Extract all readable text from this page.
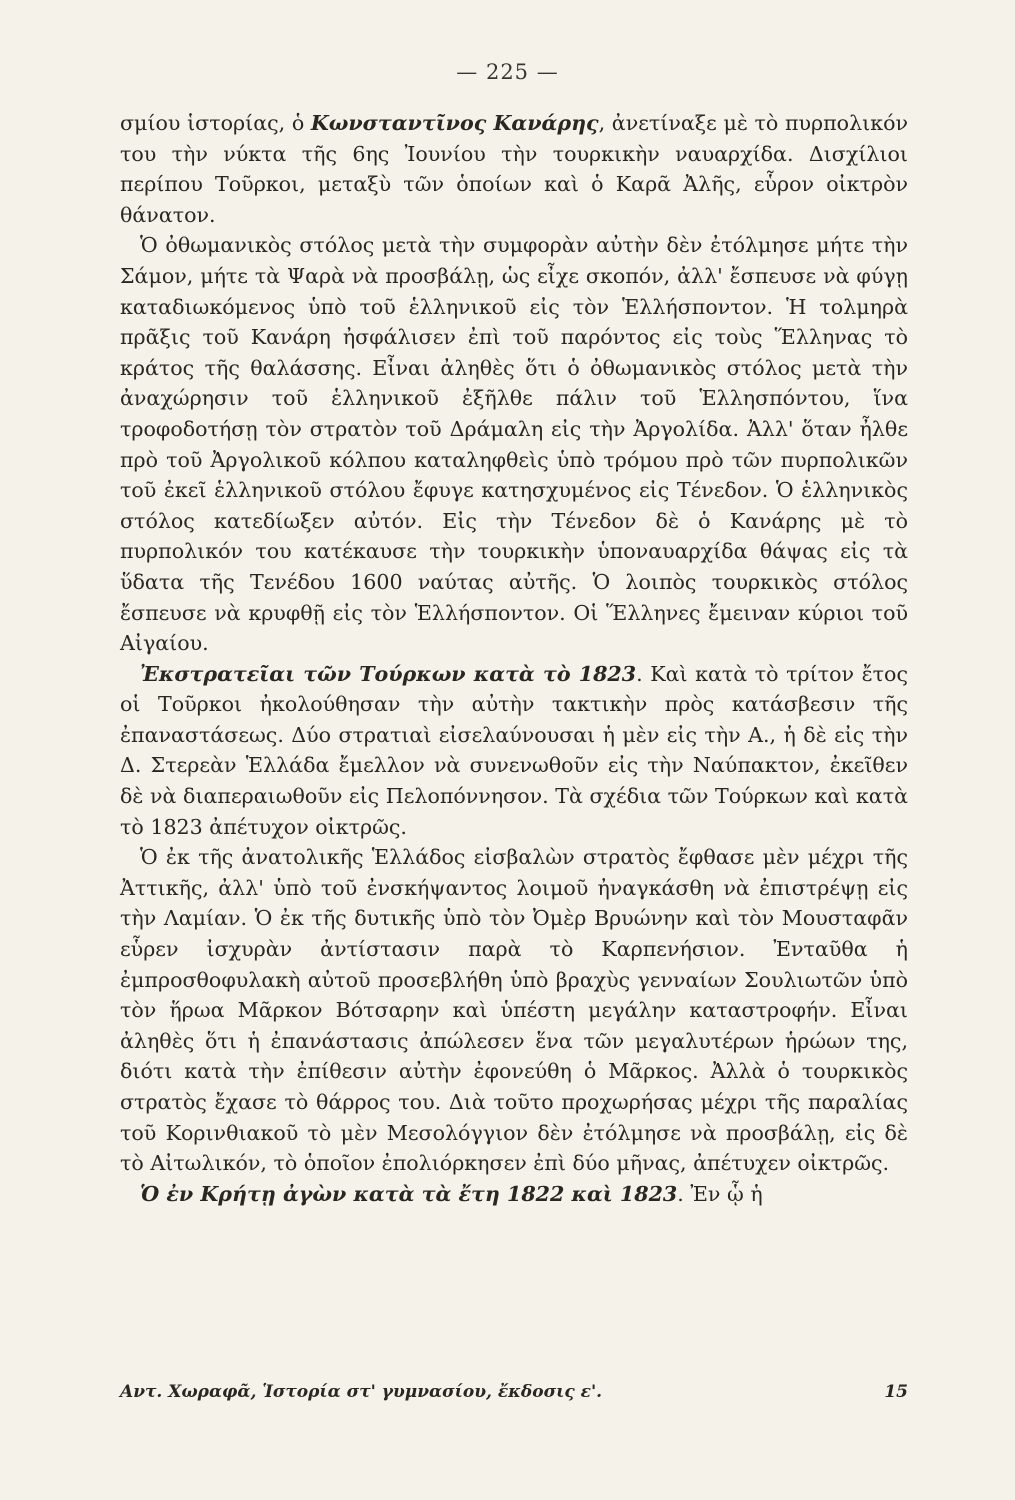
— 225 —

σμίου ἱστορίας, ὁ Κωνσταντῖνος Κανάρης, ἀνετίναξε μὲ τὸ πυρπολικόν του τὴν νύκτα τῆς 6ης Ἰουνίου τὴν τουρκικὴν ναυαρχίδα. Δισχίλιοι περίπου Τοῦρκοι, μεταξὺ τῶν ὁποίων καὶ ὁ Καρᾶ Ἀλῆς, εὗρον οἰκτρὸν θάνατον.

Ὁ ὀθωμανικὸς στόλος μετὰ τὴν συμφορὰν αὐτὴν δὲν ἐτόλμησε μήτε τὴν Σάμον, μήτε τὰ Ψαρὰ νὰ προσβάλῃ, ὡς εἶχε σκοπόν, ἀλλ' ἔσπευσε νὰ φύγῃ καταδιωκόμενος ὑπὸ τοῦ ἑλληνικοῦ εἰς τὸν Ἑλλήσποντον. Ἡ τολμηρὰ πρᾶξις τοῦ Κανάρη ἠσφάλισεν ἐπὶ τοῦ παρόντος εἰς τοὺς Ἕλληνας τὸ κράτος τῆς θαλάσσης. Εἶναι ἀληθὲς ὅτι ὁ ὀθωμανικὸς στόλος μετὰ τὴν ἀναχώρησιν τοῦ ἑλληνικοῦ ἐξῆλθε πάλιν τοῦ Ἑλλησπόντου, ἵνα τροφοδοτήσῃ τὸν στρατὸν τοῦ Δράμαλη εἰς τὴν Ἀργολίδα. Ἀλλ' ὅταν ἦλθε πρὸ τοῦ Ἀργολικοῦ κόλπου καταληφθεὶς ὑπὸ τρόμου πρὸ τῶν πυρπολικῶν τοῦ ἐκεῖ ἑλληνικοῦ στόλου ἔφυγε κατησχυμένος εἰς Τένεδον. Ὁ ἑλληνικὸς στόλος κατεδίωξεν αὐτόν. Εἰς τὴν Τένεδον δὲ ὁ Κανάρης μὲ τὸ πυρπολικόν του κατέκαυσε τὴν τουρκικὴν ὑποναυαρχίδα θάψας εἰς τὰ ὕδατα τῆς Τενέδου 1600 ναύτας αὐτῆς. Ὁ λοιπὸς τουρκικὸς στόλος ἔσπευσε νὰ κρυφθῇ εἰς τὸν Ἑλλήσποντον. Οἱ Ἕλληνες ἔμειναν κύριοι τοῦ Αἰγαίου.

Ἐκστρατεῖαι τῶν Τούρκων κατὰ τὸ 1823. Καὶ κατὰ τὸ τρίτον ἔτος οἱ Τοῦρκοι ἠκολούθησαν τὴν αὐτὴν τακτικὴν πρὸς κατάσβεσιν τῆς ἐπαναστάσεως. Δύο στρατιαὶ εἰσελαύνουσαι ἡ μὲν εἰς τὴν Α., ἡ δὲ εἰς τὴν Δ. Στερεὰν Ἑλλάδα ἔμελλον νὰ συνενωθοῦν εἰς τὴν Ναύπακτον, ἐκεῖθεν δὲ νὰ διαπεραιωθοῦν εἰς Πελοπόννησον. Τὰ σχέδια τῶν Τούρκων καὶ κατὰ τὸ 1823 ἀπέτυχον οἰκτρῶς.

Ὁ ἐκ τῆς ἀνατολικῆς Ἑλλάδος εἰσβαλὼν στρατὸς ἔφθασε μὲν μέχρι τῆς Ἀττικῆς, ἀλλ' ὑπὸ τοῦ ἐνσκήψαντος λοιμοῦ ἠναγκάσθη νὰ ἐπιστρέψῃ εἰς τὴν Λαμίαν. Ὁ ἐκ τῆς δυτικῆς ὑπὸ τὸν Ὀμὲρ Βρυώνην καὶ τὸν Μουσταφᾶν εὗρεν ἰσχυρὰν ἀντίστασιν παρὰ τὸ Καρπενήσιον. Ἐνταῦθα ἡ ἐμπροσθοφυλακὴ αὐτοῦ προσεβλήθη ὑπὸ βραχὺς γενναίων Σουλιωτῶν ὑπὸ τὸν ἥρωα Μᾶρκον Βότσαρην καὶ ὑπέστη μεγάλην καταστροφήν. Εἶναι ἀληθὲς ὅτι ἡ ἐπανάστασις ἀπώλεσεν ἕνα τῶν μεγαλυτέρων ἡρώων της, διότι κατὰ τὴν ἐπίθεσιν αὐτὴν ἐφονεύθη ὁ Μᾶρκος. Ἀλλὰ ὁ τουρκικὸς στρατὸς ἔχασε τὸ θάρρος του. Διὰ τοῦτο προχωρήσας μέχρι τῆς παραλίας τοῦ Κορινθιακοῦ τὸ μὲν Μεσολόγγιον δὲν ἐτόλμησε νὰ προσβάλῃ, εἰς δὲ τὸ Αἰτωλικόν, τὸ ὁποῖον ἐπολιόρκησεν ἐπὶ δύο μῆνας, ἀπέτυχεν οἰκτρῶς.

Ὁ ἐν Κρήτῃ ἀγὼν κατὰ τὰ ἔτη 1822 καὶ 1823. Ἐν ᾧ ἡ

Αντ. Χωραφᾶ, Ἱστορία στ' γυμνασίου, ἔκδοσις ε'.	15
